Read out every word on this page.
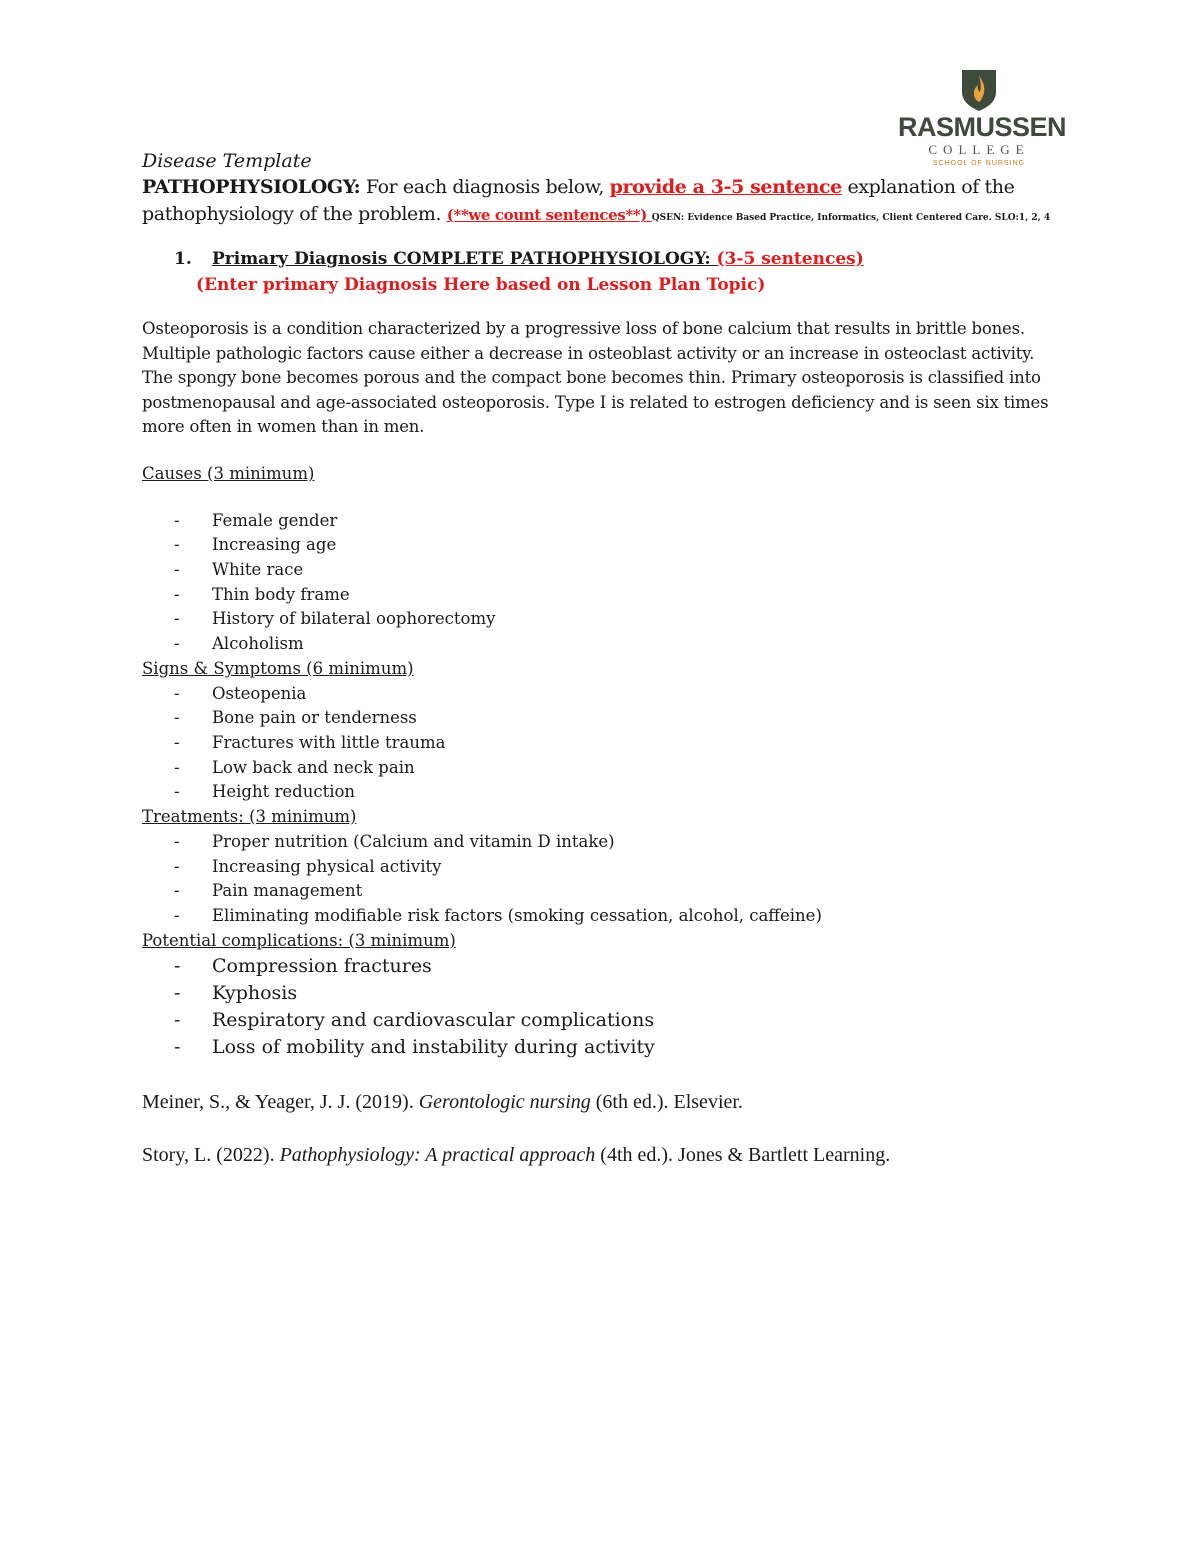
RASMUSSEN
COLLEGE
SCHOOL OF NURSING

Disease Template

PATHOPHYSIOLOGY: For each diagnosis below, provide a 3-5 sentence explanation of the pathophysiology of the problem. (**we count sentences**) QSEN: Evidence Based Practice, Informatics, Client Centered Care. SLO:1, 2, 4

1. Primary Diagnosis COMPLETE PATHOPHYSIOLOGY: (3-5 sentences)
(Enter primary Diagnosis Here based on Lesson Plan Topic)

Osteoporosis is a condition characterized by a progressive loss of bone calcium that results in brittle bones. Multiple pathologic factors cause either a decrease in osteoblast activity or an increase in osteoclast activity. The spongy bone becomes porous and the compact bone becomes thin. Primary osteoporosis is classified into postmenopausal and age-associated osteoporosis. Type I is related to estrogen deficiency and is seen six times more often in women than in men.

Causes (3 minimum)

- Female gender
- Increasing age
- White race
- Thin body frame
- History of bilateral oophorectomy
- Alcoholism

Signs & Symptoms (6 minimum)

- Osteopenia
- Bone pain or tenderness
- Fractures with little trauma
- Low back and neck pain
- Height reduction

Treatments: (3 minimum)

- Proper nutrition (Calcium and vitamin D intake)
- Increasing physical activity
- Pain management
- Eliminating modifiable risk factors (smoking cessation, alcohol, caffeine)

Potential complications: (3 minimum)

- Compression fractures
- Kyphosis
- Respiratory and cardiovascular complications
- Loss of mobility and instability during activity

Meiner, S., & Yeager, J. J. (2019). Gerontologic nursing (6th ed.). Elsevier.

Story, L. (2022). Pathophysiology: A practical approach (4th ed.). Jones & Bartlett Learning.
